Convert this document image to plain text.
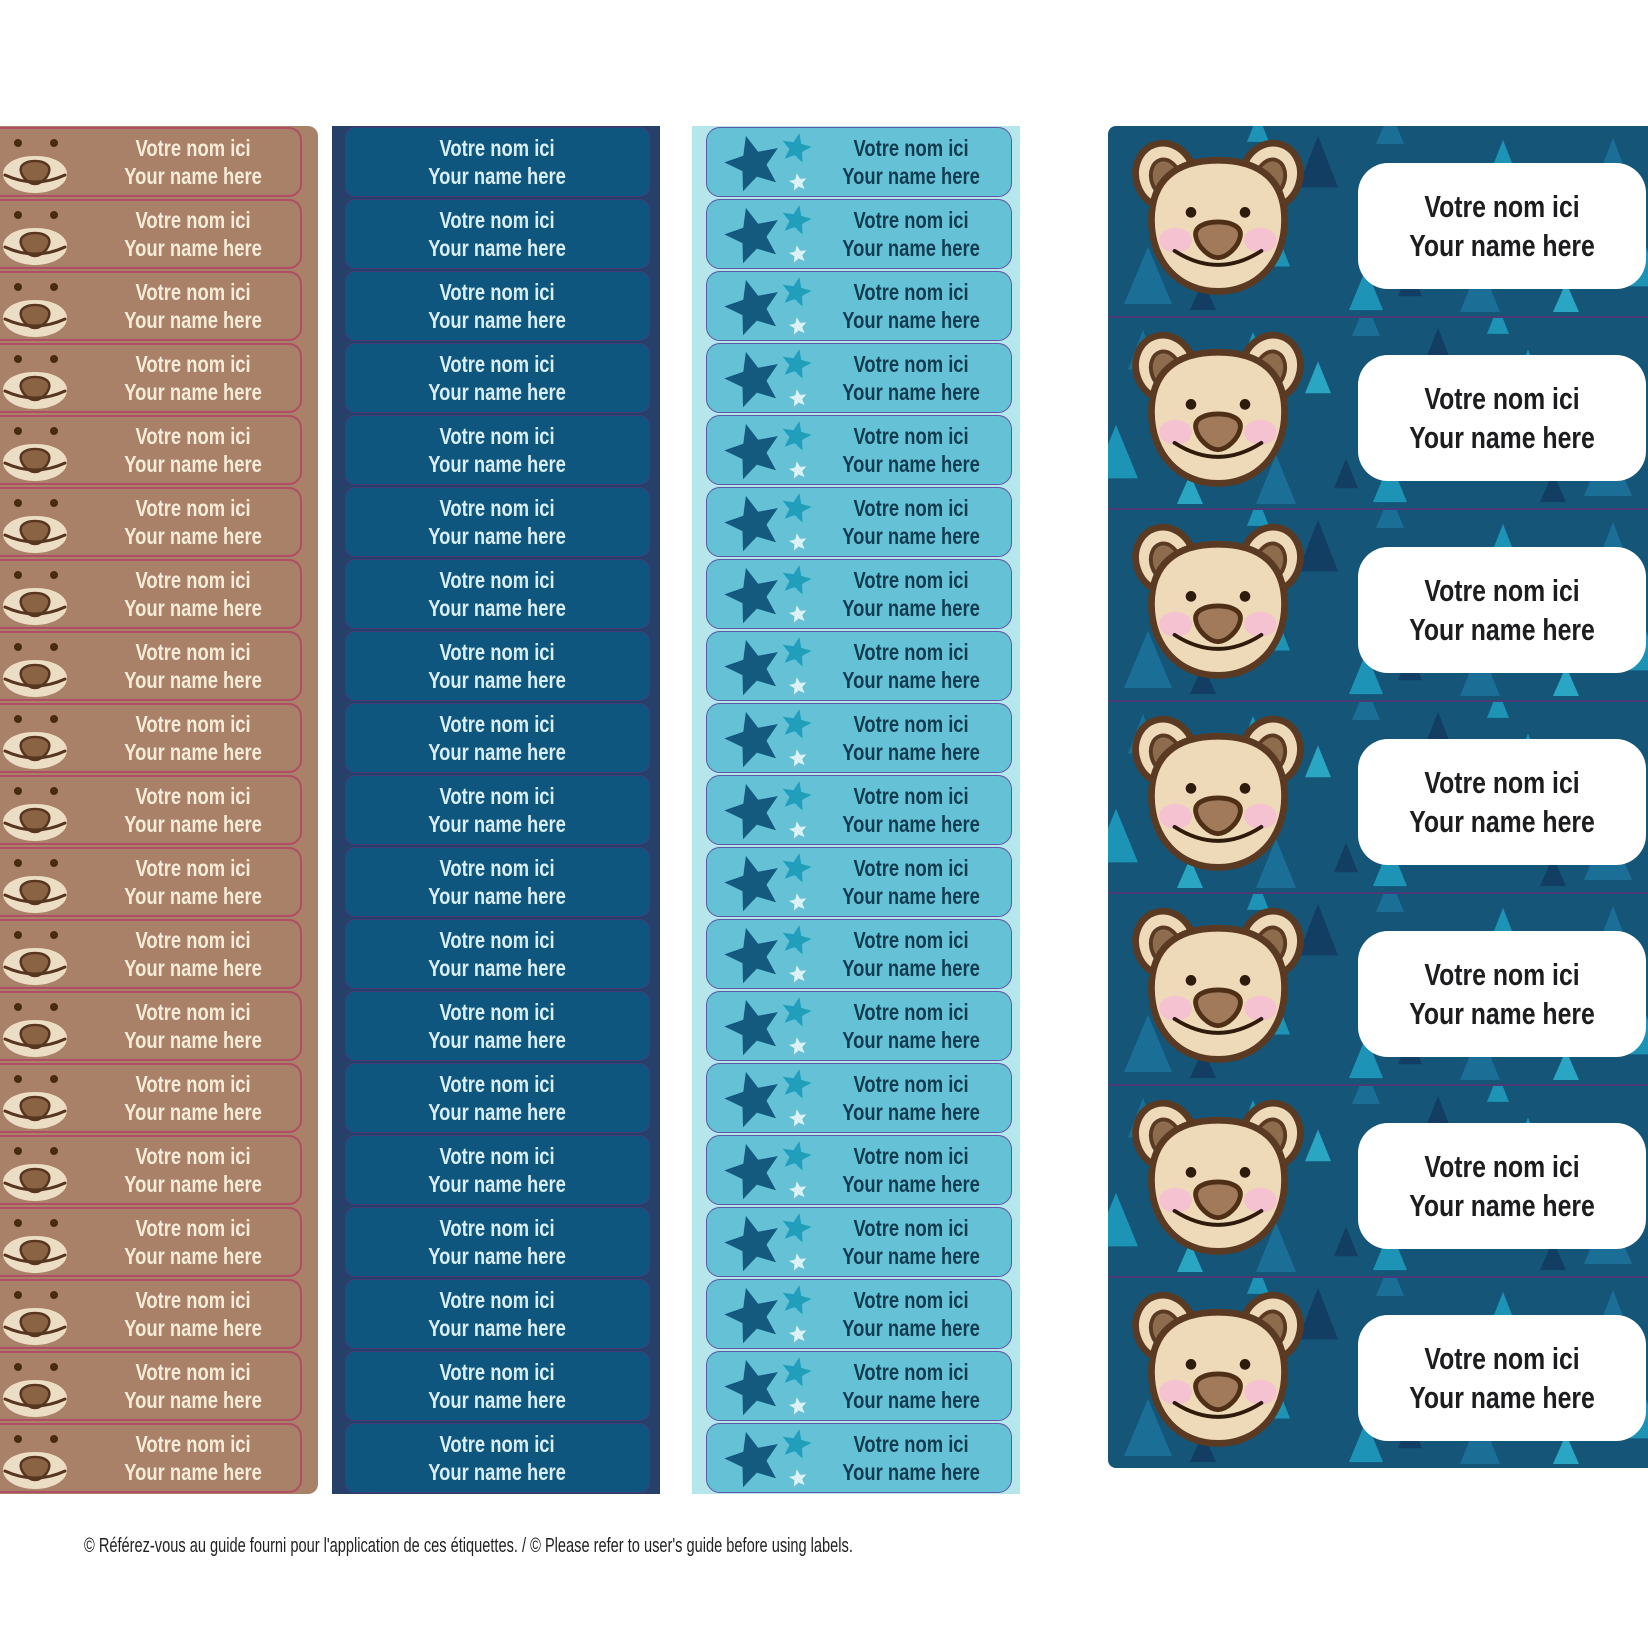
Votre nom ici
Your name here
Votre nom ici
Your name here
Votre nom ici
Your name here
Votre nom ici
Your name here
Votre nom ici
Your name here
Votre nom ici
Your name here
Votre nom ici
Your name here
Votre nom ici
Your name here
Votre nom ici
Your name here
Votre nom ici
Your name here
Votre nom ici
Your name here
Votre nom ici
Your name here
Votre nom ici
Your name here
Votre nom ici
Your name here
Votre nom ici
Your name here
Votre nom ici
Your name here
Votre nom ici
Your name here
Votre nom ici
Your name here
Votre nom ici
Your name here
Votre nom ici
Your name here
Votre nom ici
Your name here
Votre nom ici
Your name here
Votre nom ici
Your name here
Votre nom ici
Your name here
Votre nom ici
Your name here
Votre nom ici
Your name here
Votre nom ici
Your name here
Votre nom ici
Your name here
Votre nom ici
Your name here
Votre nom ici
Your name here
Votre nom ici
Your name here
Votre nom ici
Your name here
Votre nom ici
Your name here
Votre nom ici
Your name here
Votre nom ici
Your name here
Votre nom ici
Your name here
Votre nom ici
Your name here
Votre nom ici
Your name here
Votre nom ici
Your name here
Votre nom ici
Your name here
Votre nom ici
Your name here
Votre nom ici
Your name here
Votre nom ici
Your name here
Votre nom ici
Your name here
Votre nom ici
Your name here
Votre nom ici
Your name here
Votre nom ici
Your name here
Votre nom ici
Your name here
Votre nom ici
Your name here
Votre nom ici
Your name here
Votre nom ici
Your name here
Votre nom ici
Your name here
Votre nom ici
Your name here
Votre nom ici
Your name here
Votre nom ici
Your name here
Votre nom ici
Your name here
Votre nom ici
Your name here
Votre nom ici
Your name here
Votre nom ici
Your name here
Votre nom ici
Your name here
Votre nom ici
Your name here
Votre nom ici
Your name here
Votre nom ici
Your name here
Votre nom ici
Your name here
© Référez-vous au guide fourni pour l'application de ces étiquettes. / © Please refer to user's guide before using labels.
